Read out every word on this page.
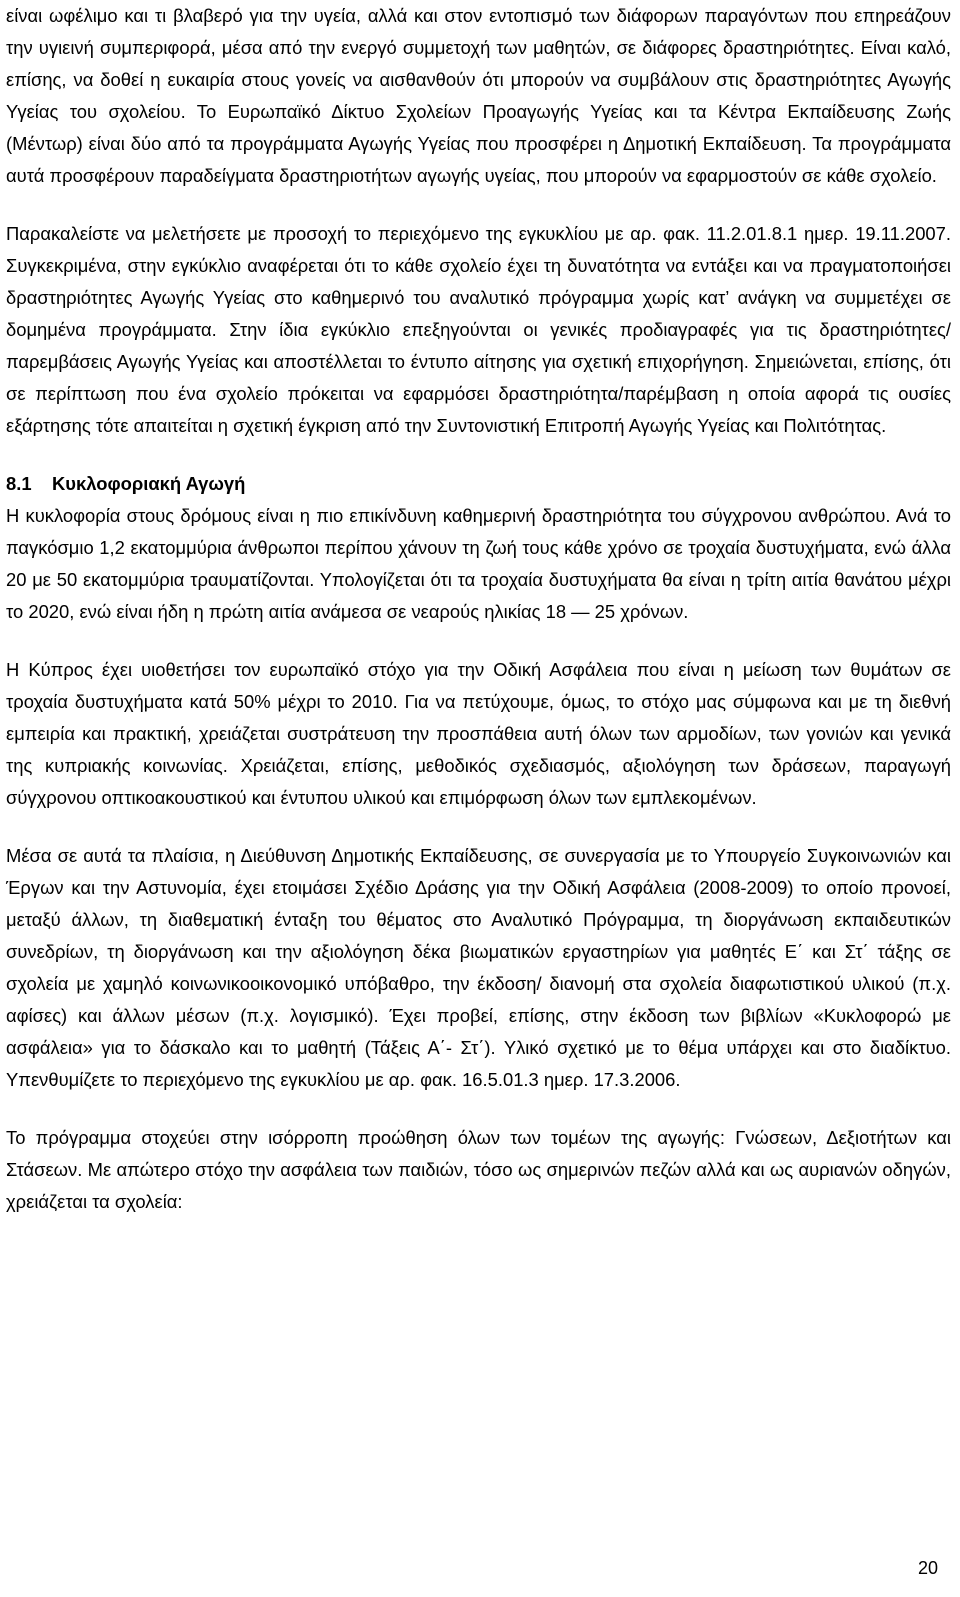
είναι ωφέλιμο και τι βλαβερό για την υγεία, αλλά και στον εντοπισμό των διάφορων παραγόντων που επηρεάζουν την υγιεινή συμπεριφορά, μέσα από την ενεργό συμμετοχή των μαθητών, σε διάφορες δραστηριότητες. Είναι καλό, επίσης, να δοθεί η ευκαιρία στους γονείς να αισθανθούν ότι μπορούν να συμβάλουν στις δραστηριότητες Αγωγής Υγείας του σχολείου. Το Ευρωπαϊκό Δίκτυο Σχολείων Προαγωγής Υγείας και τα Κέντρα Εκπαίδευσης Ζωής (Μέντωρ) είναι δύο από τα προγράμματα Αγωγής Υγείας που προσφέρει η Δημοτική Εκπαίδευση. Τα προγράμματα αυτά προσφέρουν παραδείγματα δραστηριοτήτων αγωγής υγείας, που μπορούν να εφαρμοστούν σε κάθε σχολείο.

Παρακαλείστε να μελετήσετε με προσοχή το περιεχόμενο της εγκυκλίου με αρ. φακ. 11.2.01.8.1 ημερ. 19.11.2007. Συγκεκριμένα, στην εγκύκλιο αναφέρεται ότι το κάθε σχολείο έχει τη δυνατότητα να εντάξει και να πραγματοποιήσει δραστηριότητες Αγωγής Υγείας στο καθημερινό του αναλυτικό πρόγραμμα χωρίς κατ’ ανάγκη να συμμετέχει σε δομημένα προγράμματα. Στην ίδια εγκύκλιο επεξηγούνται οι γενικές προδιαγραφές για τις δραστηριότητες/παρεμβάσεις Αγωγής Υγείας και αποστέλλεται το έντυπο αίτησης για σχετική επιχορήγηση. Σημειώνεται, επίσης, ότι σε περίπτωση που ένα σχολείο πρόκειται να εφαρμόσει δραστηριότητα/παρέμβαση η οποία αφορά τις ουσίες εξάρτησης τότε απαιτείται η σχετική έγκριση από την Συντονιστική Επιτροπή Αγωγής Υγείας και Πολιτότητας.

8.1 Κυκλοφοριακή Αγωγή

Η κυκλοφορία στους δρόμους είναι η πιο επικίνδυνη καθημερινή δραστηριότητα του σύγχρονου ανθρώπου. Ανά το παγκόσμιο 1,2 εκατομμύρια άνθρωποι περίπου χάνουν τη ζωή τους κάθε χρόνο σε τροχαία δυστυχήματα, ενώ άλλα 20 με 50 εκατομμύρια τραυματίζονται. Υπολογίζεται ότι τα τροχαία δυστυχήματα θα είναι η τρίτη αιτία θανάτου μέχρι το 2020, ενώ είναι ήδη η πρώτη αιτία ανάμεσα σε νεαρούς ηλικίας 18 — 25 χρόνων.

Η Κύπρος έχει υιοθετήσει τον ευρωπαϊκό στόχο για την Οδική Ασφάλεια που είναι η μείωση των θυμάτων σε τροχαία δυστυχήματα κατά 50% μέχρι το 2010. Για να πετύχουμε, όμως, το στόχο μας σύμφωνα και με τη διεθνή εμπειρία και πρακτική, χρειάζεται συστράτευση την προσπάθεια αυτή όλων των αρμοδίων, των γονιών και γενικά της κυπριακής κοινωνίας. Χρειάζεται, επίσης, μεθοδικός σχεδιασμός, αξιολόγηση των δράσεων, παραγωγή σύγχρονου οπτικοακουστικού και έντυπου υλικού και επιμόρφωση όλων των εμπλεκομένων.

Μέσα σε αυτά τα πλαίσια, η Διεύθυνση Δημοτικής Εκπαίδευσης, σε συνεργασία με το Υπουργείο Συγκοινωνιών και Έργων και την Αστυνομία, έχει ετοιμάσει Σχέδιο Δράσης για την Οδική Ασφάλεια (2008-2009) το οποίο προνοεί, μεταξύ άλλων, τη διαθεματική ένταξη του θέματος στο Αναλυτικό Πρόγραμμα, τη διοργάνωση εκπαιδευτικών συνεδρίων, τη διοργάνωση και την αξιολόγηση δέκα βιωματικών εργαστηρίων για μαθητές Ε΄ και Στ΄ τάξης σε σχολεία με χαμηλό κοινωνικοοικονομικό υπόβαθρο, την έκδοση/ διανομή στα σχολεία διαφωτιστικού υλικού (π.χ. αφίσες) και άλλων μέσων (π.χ. λογισμικό). Έχει προβεί, επίσης, στην έκδοση των βιβλίων «Κυκλοφορώ με ασφάλεια» για το δάσκαλο και το μαθητή (Τάξεις Α΄- Στ΄). Υλικό σχετικό με το θέμα υπάρχει και στο διαδίκτυο. Υπενθυμίζετε το περιεχόμενο της εγκυκλίου με αρ. φακ. 16.5.01.3 ημερ. 17.3.2006.

Το πρόγραμμα στοχεύει στην ισόρροπη προώθηση όλων των τομέων της αγωγής: Γνώσεων, Δεξιοτήτων και Στάσεων. Με απώτερο στόχο την ασφάλεια των παιδιών, τόσο ως σημερινών πεζών αλλά και ως αυριανών οδηγών, χρειάζεται τα σχολεία:

20
